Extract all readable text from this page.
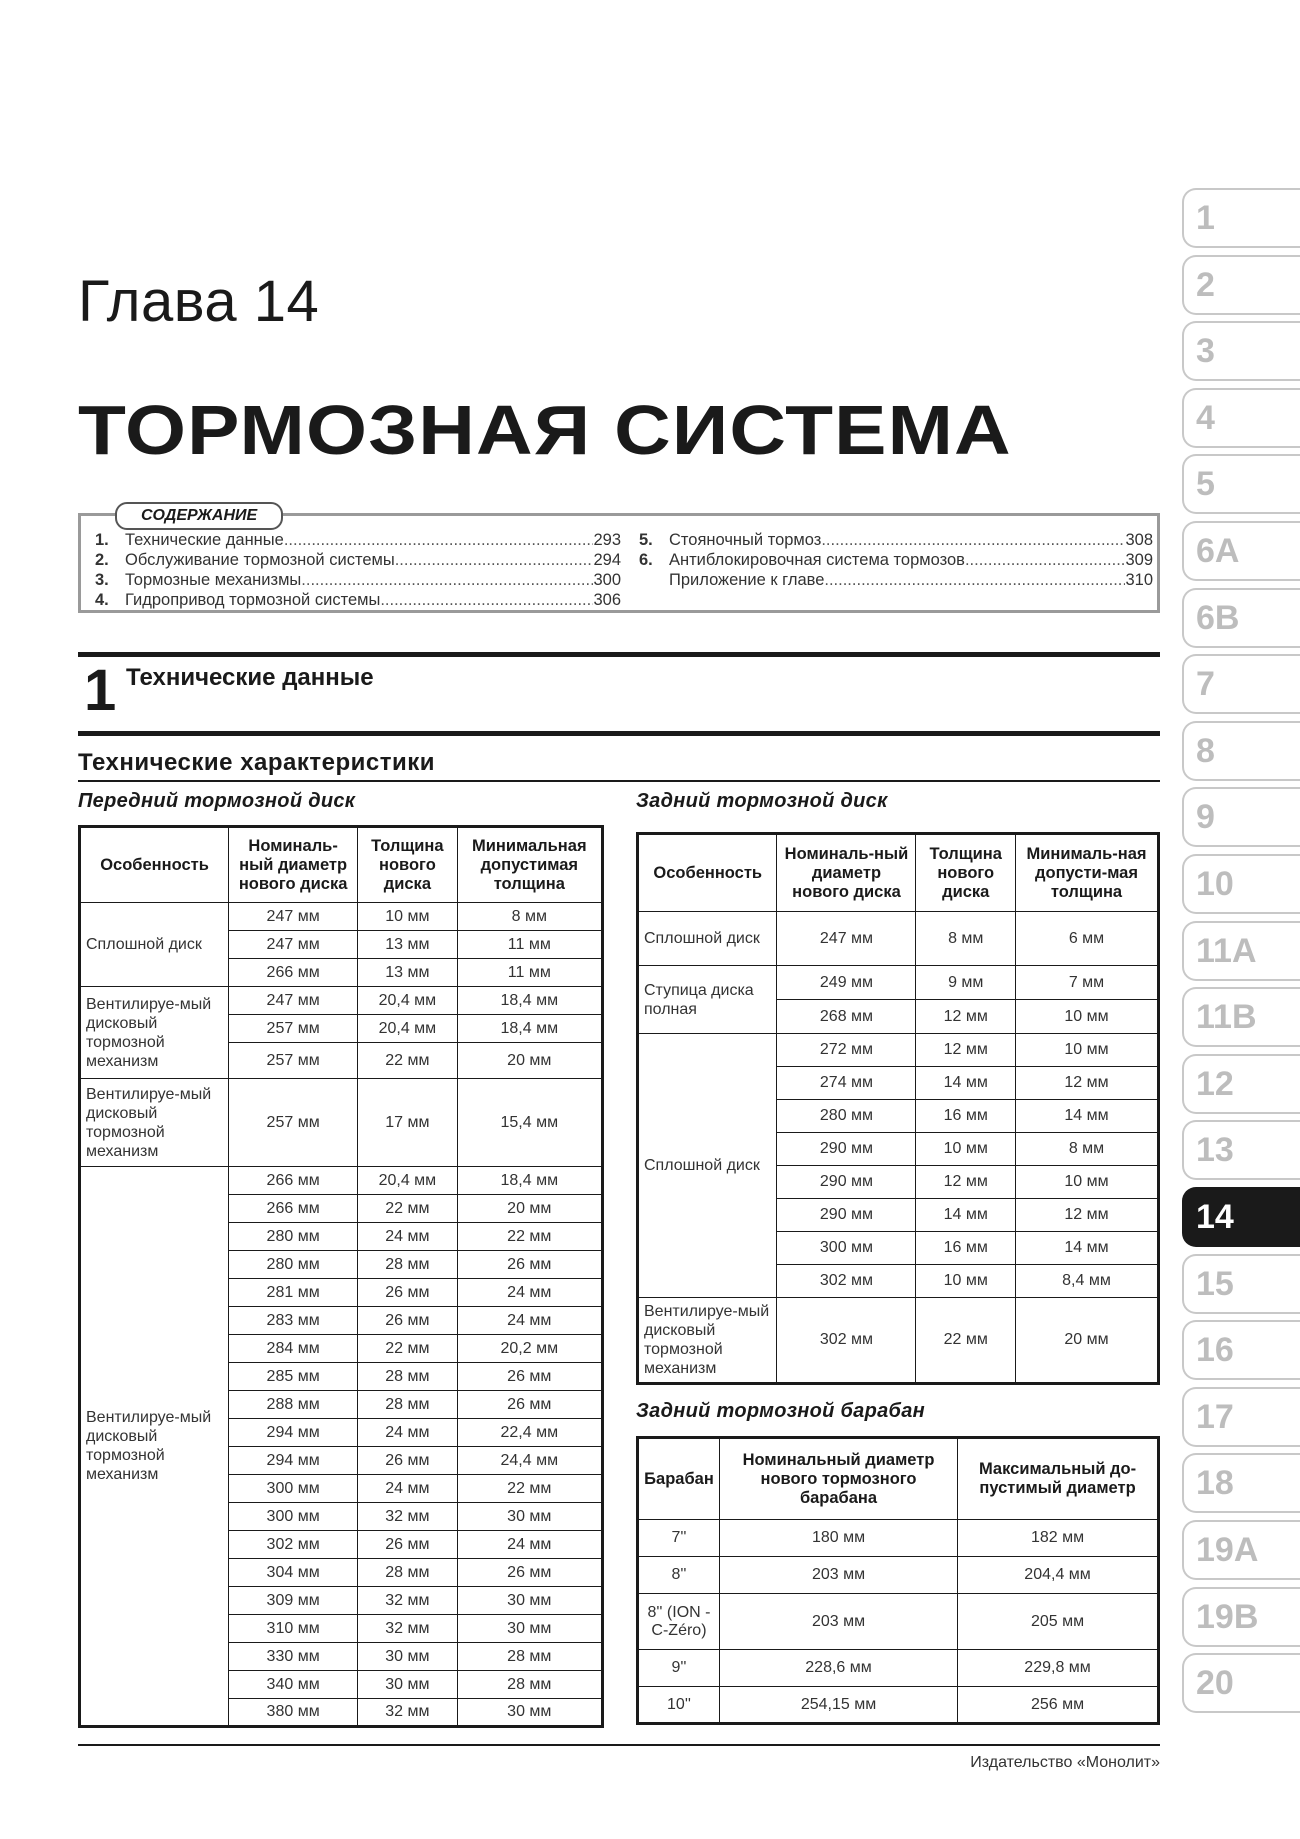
Глава 14
ТОРМОЗНАЯ СИСТЕМА
СОДЕРЖАНИЕ
1. Технические данные .....	293
2. Обслуживание тормозной системы .....	294
3. Тормозные механизмы .....	300
4. Гидропривод тормозной системы .....	306
5. Стояночный тормоз .....	308
6. Антиблокировочная система тормозов .....	309
Приложение к главе .....	310
1 Технические данные
Технические характеристики
Передний тормозной диск
Особенность	Номиналь-ный диаметр нового диска	Толщина нового диска	Минимальная допустимая толщина
Сплошной диск	247 мм	10 мм	8 мм
	247 мм	13 мм	11 мм
	266 мм	13 мм	11 мм
Вентилируе-мый дисковый тормозной механизм	247 мм	20,4 мм	18,4 мм
	257 мм	20,4 мм	18,4 мм
	257 мм	22 мм	20 мм
Вентилируе-мый дисковый тормозной механизм	257 мм	17 мм	15,4 мм
Вентилируе-мый дисковый тормозной механизм	266 мм	20,4 мм	18,4 мм
	266 мм	22 мм	20 мм
	280 мм	24 мм	22 мм
	280 мм	28 мм	26 мм
	281 мм	26 мм	24 мм
	283 мм	26 мм	24 мм
	284 мм	22 мм	20,2 мм
	285 мм	28 мм	26 мм
	288 мм	28 мм	26 мм
	294 мм	24 мм	22,4 мм
	294 мм	26 мм	24,4 мм
	300 мм	24 мм	22 мм
	300 мм	32 мм	30 мм
	302 мм	26 мм	24 мм
	304 мм	28 мм	26 мм
	309 мм	32 мм	30 мм
	310 мм	32 мм	30 мм
	330 мм	30 мм	28 мм
	340 мм	30 мм	28 мм
	380 мм	32 мм	30 мм
Задний тормозной диск
Особенность	Номиналь-ный диаметр нового диска	Толщина нового диска	Минималь-ная допусти-мая толщина
Сплошной диск	247 мм	8 мм	6 мм
Ступица диска полная	249 мм	9 мм	7 мм
	268 мм	12 мм	10 мм
Сплошной диск	272 мм	12 мм	10 мм
	274 мм	14 мм	12 мм
	280 мм	16 мм	14 мм
	290 мм	10 мм	8 мм
	290 мм	12 мм	10 мм
	290 мм	14 мм	12 мм
	300 мм	16 мм	14 мм
	302 мм	10 мм	8,4 мм
Вентилируе-мый дисковый тормозной механизм	302 мм	22 мм	20 мм
Задний тормозной барабан
Барабан	Номинальный диаметр нового тормозного барабана	Максимальный до-пустимый диаметр
7''	180 мм	182 мм
8''	203 мм	204,4 мм
8'' (ION - C-Zéro)	203 мм	205 мм
9''	228,6 мм	229,8 мм
10''	254,15 мм	256 мм
1
2
3
4
5
6A
6B
7
8
9
10
11A
11B
12
13
14
15
16
17
18
19A
19B
20
Издательство «Монолит»
